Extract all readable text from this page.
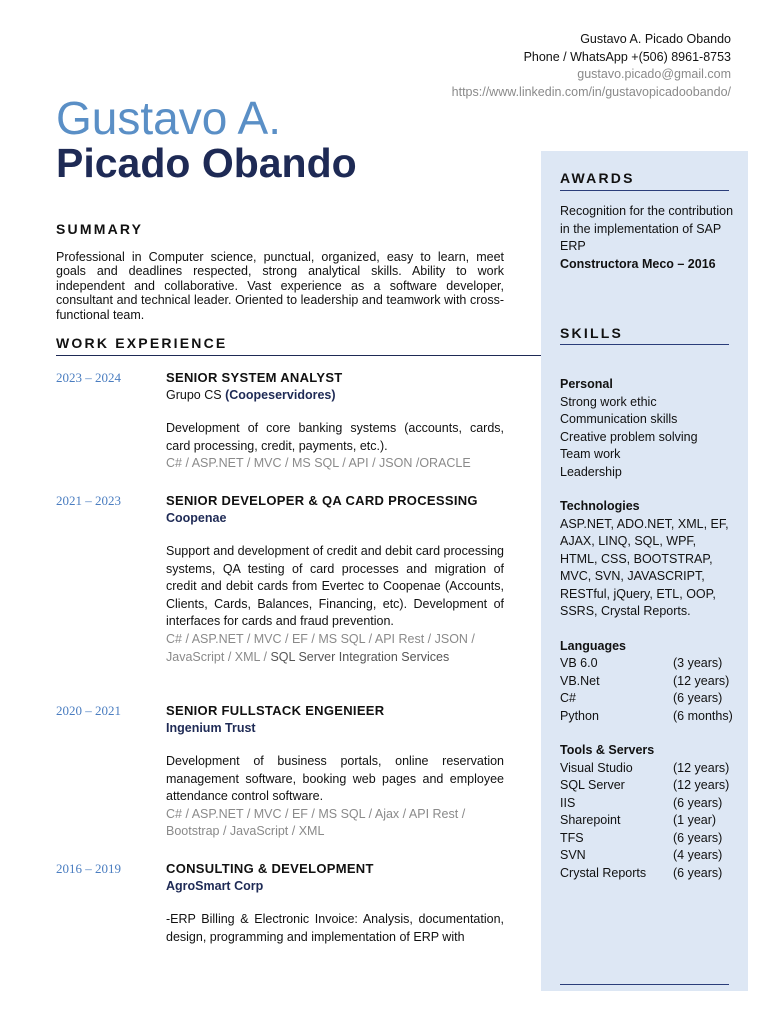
Gustavo A. Picado Obando
Phone / WhatsApp +(506) 8961-8753
gustavo.picado@gmail.com
https://www.linkedin.com/in/gustavopicadoobando/
Gustavo A.
Picado Obando
SUMMARY
Professional in Computer science, punctual, organized, easy to learn, meet goals and deadlines respected, strong analytical skills. Ability to work independent and collaborative. Vast experience as a software developer, consultant and technical leader. Oriented to leadership and teamwork with cross-functional team.
WORK EXPERIENCE
2023 – 2024	SENIOR SYSTEM ANALYST
Grupo CS (Coopeservidores)
Development of core banking systems (accounts, cards, card processing, credit, payments, etc.).
C# / ASP.NET / MVC / MS SQL / API / JSON /ORACLE
2021 – 2023	SENIOR DEVELOPER & QA CARD PROCESSING
Coopenae
Support and development of credit and debit card processing systems, QA testing of card processes and migration of credit and debit cards from Evertec to Coopenae (Accounts, Clients, Cards, Balances, Financing, etc). Development of interfaces for cards and fraud prevention.
C# / ASP.NET / MVC / EF / MS SQL / API Rest / JSON / JavaScript / XML / SQL Server Integration Services
2020 – 2021	SENIOR FULLSTACK ENGENIEER
Ingenium Trust
Development of business portals, online reservation management software, booking web pages and employee attendance control software.
C# / ASP.NET / MVC / EF / MS SQL / Ajax / API Rest / Bootstrap / JavaScript / XML
2016 – 2019	CONSULTING & DEVELOPMENT
AgroSmart Corp
-ERP Billing & Electronic Invoice: Analysis, documentation, design, programming and implementation of ERP with
AWARDS
Recognition for the contribution in the implementation of SAP ERP
Constructora Meco – 2016
SKILLS
Personal
Strong work ethic
Communication skills
Creative problem solving
Team work
Leadership
Technologies
ASP.NET, ADO.NET, XML, EF, AJAX, LINQ, SQL, WPF, HTML, CSS, BOOTSTRAP, MVC, SVN, JAVASCRIPT, RESTful, jQuery, ETL, OOP, SSRS, Crystal Reports.
Languages
VB 6.0	(3 years)
VB.Net	(12 years)
C#	(6 years)
Python	(6 months)
Tools & Servers
Visual Studio	(12 years)
SQL Server	(12 years)
IIS	(6 years)
Sharepoint	(1 year)
TFS	(6 years)
SVN	(4 years)
Crystal Reports (6 years)
